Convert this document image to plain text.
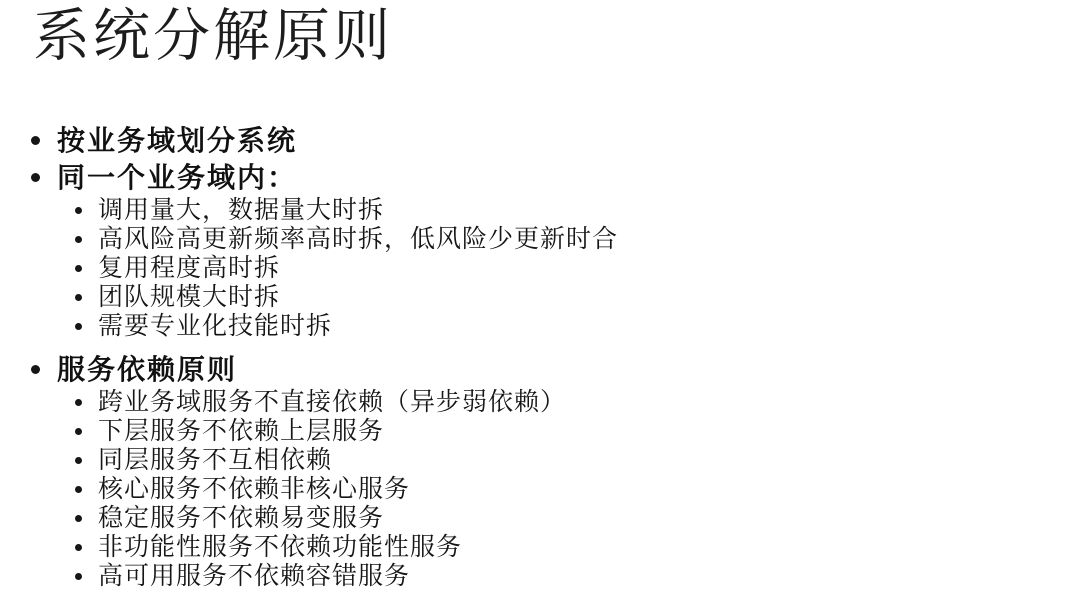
系统分解原则
按业务域划分系统
同一个业务域内：
调用量大，数据量大时拆
高风险高更新频率高时拆，低风险少更新时合
复用程度高时拆
团队规模大时拆
需要专业化技能时拆
服务依赖原则
跨业务域服务不直接依赖（异步弱依赖）
下层服务不依赖上层服务
同层服务不互相依赖
核心服务不依赖非核心服务
稳定服务不依赖易变服务
非功能性服务不依赖功能性服务
高可用服务不依赖容错服务
